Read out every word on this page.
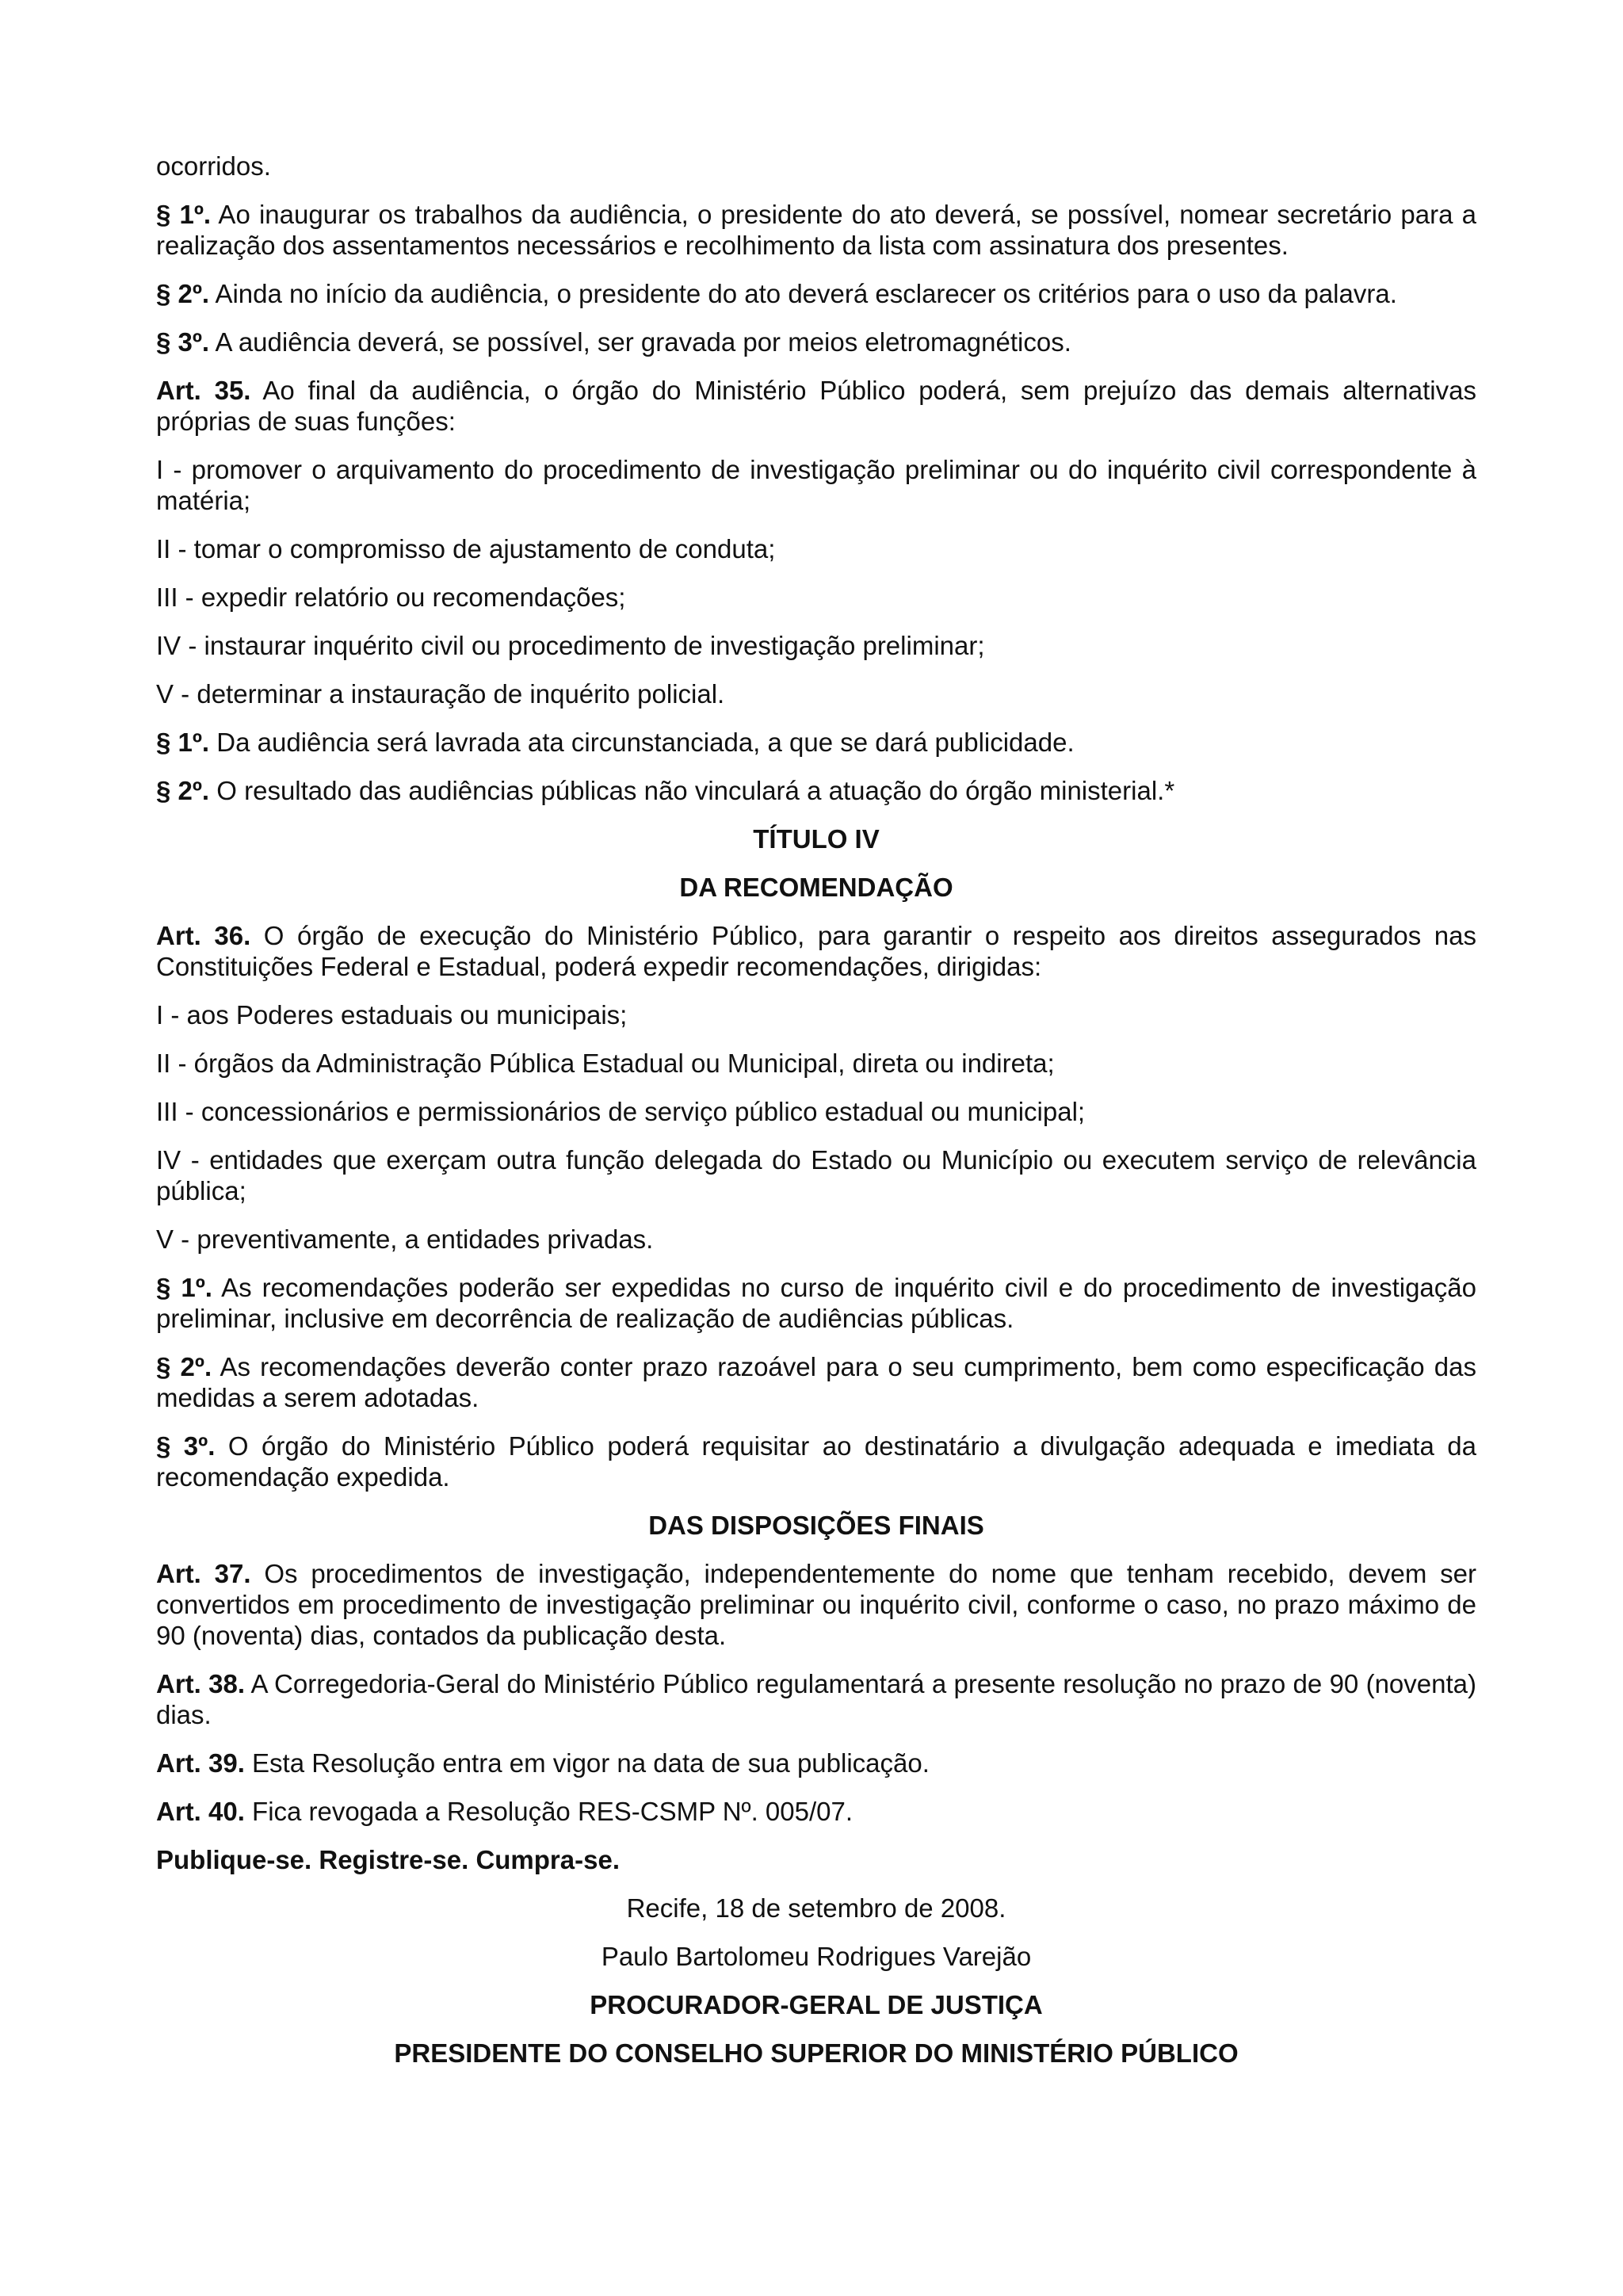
ocorridos.

§ 1º. Ao inaugurar os trabalhos da audiência, o presidente do ato deverá, se possível, nomear secretário para a realização dos assentamentos necessários e recolhimento da lista com assinatura dos presentes.

§ 2º. Ainda no início da audiência, o presidente do ato deverá esclarecer os critérios para o uso da palavra.

§ 3º. A audiência deverá, se possível, ser gravada por meios eletromagnéticos.

Art. 35. Ao final da audiência, o órgão do Ministério Público poderá, sem prejuízo das demais alternativas próprias de suas funções:

I - promover o arquivamento do procedimento de investigação preliminar ou do inquérito civil correspondente à matéria;

II - tomar o compromisso de ajustamento de conduta;

III - expedir relatório ou recomendações;

IV - instaurar inquérito civil ou procedimento de investigação preliminar;

V - determinar a instauração de inquérito policial.

§ 1º. Da audiência será lavrada ata circunstanciada, a que se dará publicidade.

§ 2º. O resultado das audiências públicas não vinculará a atuação do órgão ministerial.*

TÍTULO IV
DA RECOMENDAÇÃO

Art. 36. O órgão de execução do Ministério Público, para garantir o respeito aos direitos assegurados nas Constituições Federal e Estadual, poderá expedir recomendações, dirigidas:

I - aos Poderes estaduais ou municipais;

II - órgãos da Administração Pública Estadual ou Municipal, direta ou indireta;

III - concessionários e permissionários de serviço público estadual ou municipal;

IV - entidades que exerçam outra função delegada do Estado ou Município ou executem serviço de relevância pública;

V - preventivamente, a entidades privadas.

§ 1º. As recomendações poderão ser expedidas no curso de inquérito civil e do procedimento de investigação preliminar, inclusive em decorrência de realização de audiências públicas.

§ 2º. As recomendações deverão conter prazo razoável para o seu cumprimento, bem como especificação das medidas a serem adotadas.

§ 3º. O órgão do Ministério Público poderá requisitar ao destinatário a divulgação adequada e imediata da recomendação expedida.

DAS DISPOSIÇÕES FINAIS

Art. 37. Os procedimentos de investigação, independentemente do nome que tenham recebido, devem ser convertidos em procedimento de investigação preliminar ou inquérito civil, conforme o caso, no prazo máximo de 90 (noventa) dias, contados da publicação desta.

Art. 38. A Corregedoria-Geral do Ministério Público regulamentará a presente resolução no prazo de 90 (noventa) dias.

Art. 39. Esta Resolução entra em vigor na data de sua publicação.

Art. 40. Fica revogada a Resolução RES-CSMP Nº. 005/07.

Publique-se. Registre-se. Cumpra-se.

Recife, 18 de setembro de 2008.
Paulo Bartolomeu Rodrigues Varejão
PROCURADOR-GERAL DE JUSTIÇA
PRESIDENTE DO CONSELHO SUPERIOR DO MINISTÉRIO PÚBLICO
